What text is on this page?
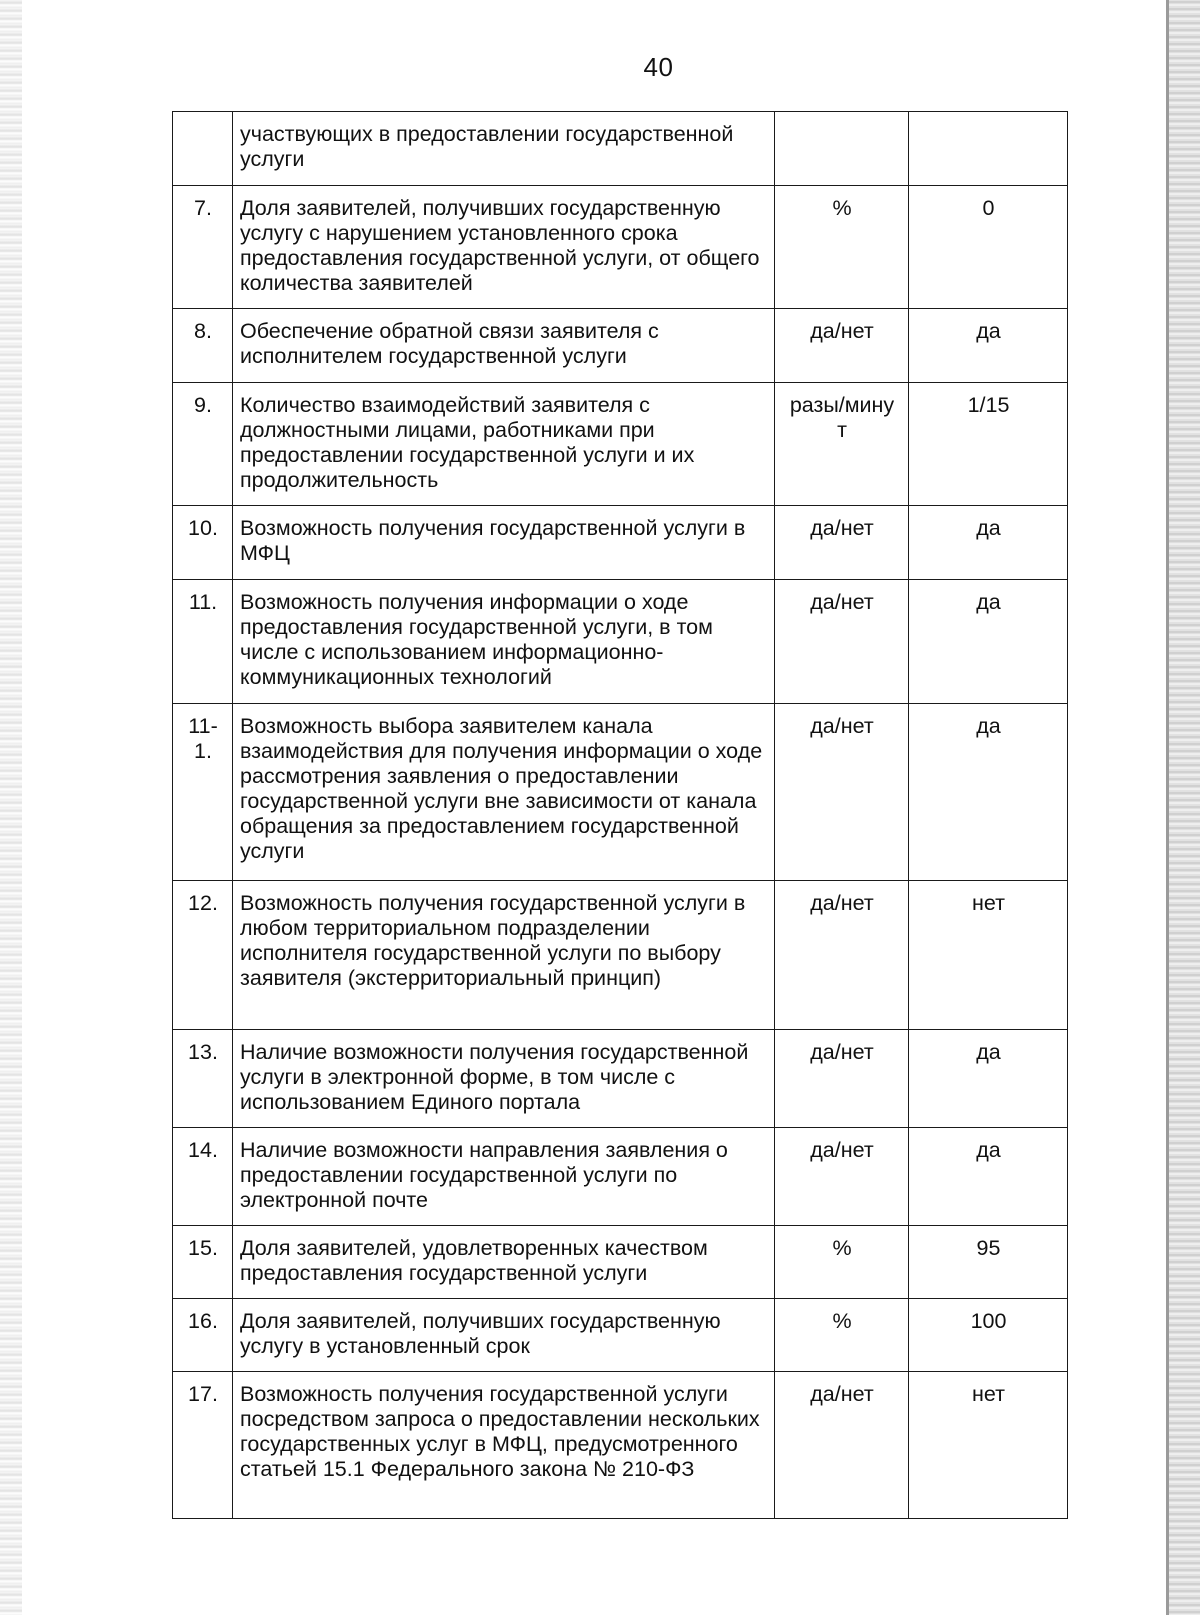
40
	участвующих в предоставлении государственной услуги		
7.	Доля заявителей, получивших государственную услугу с нарушением установленного срока предоставления государственной услуги, от общего количества заявителей	%	0
8.	Обеспечение обратной связи заявителя с исполнителем государственной услуги	да/нет	да
9.	Количество взаимодействий заявителя с должностными лицами, работниками при предоставлении государственной услуги и их продолжительность	разы/мину т	1/15
10.	Возможность получения государственной услуги в МФЦ	да/нет	да
11.	Возможность получения информации о ходе предоставления государственной услуги, в том числе с использованием информационно-коммуникационных технологий	да/нет	да
11-1.	Возможность выбора заявителем канала взаимодействия для получения информации о ходе рассмотрения заявления о предоставлении государственной услуги вне зависимости от канала обращения за предоставлением государственной услуги	да/нет	да
12.	Возможность получения государственной услуги в любом территориальном подразделении исполнителя государственной услуги по выбору заявителя (экстерриториальный принцип)	да/нет	нет
13.	Наличие возможности получения государственной услуги в электронной форме, в том числе с использованием Единого портала	да/нет	да
14.	Наличие возможности направления заявления о предоставлении государственной услуги по электронной почте	да/нет	да
15.	Доля заявителей, удовлетворенных качеством предоставления государственной услуги	%	95
16.	Доля заявителей, получивших государственную услугу в установленный срок	%	100
17.	Возможность получения государственной услуги посредством запроса о предоставлении нескольких государственных услуг в МФЦ, предусмотренного статьей 15.1 Федерального закона № 210-ФЗ	да/нет	нет
